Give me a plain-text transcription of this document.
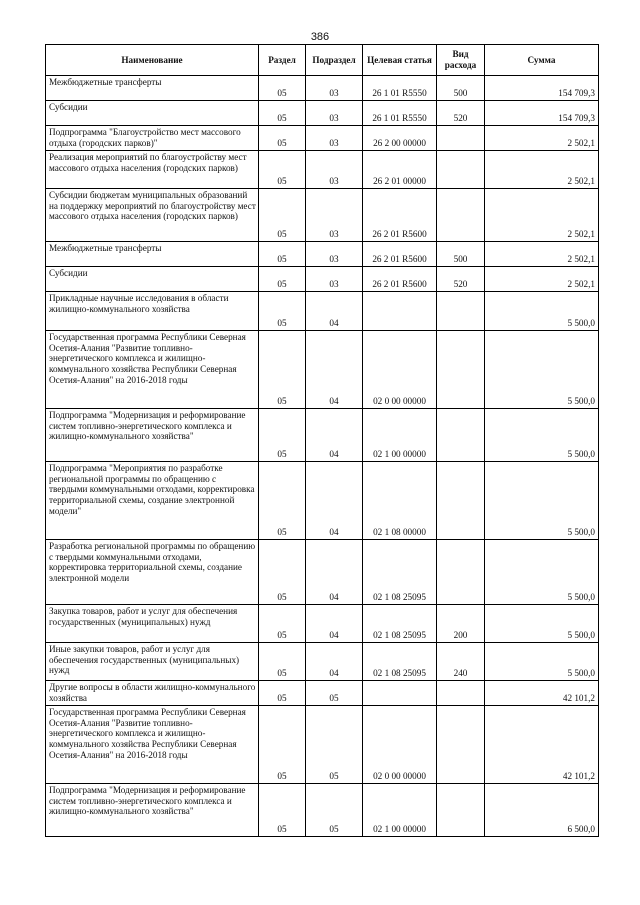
386
Наименование	Раздел	Подраздел	Целевая статья	Вид расхода	Сумма
Межбюджетные трансферты	05	03	26 1 01 R5550	500	154 709,3
Субсидии	05	03	26 1 01 R5550	520	154 709,3
Подпрограмма "Благоустройство мест массового отдыха (городских парков)"	05	03	26 2 00 00000		2 502,1
Реализация мероприятий по благоустройству мест массового отдыха населения (городских парков)	05	03	26 2 01 00000		2 502,1
Субсидии бюджетам муниципальных образований на поддержку мероприятий по благоустройству мест массового отдыха населения (городских парков)	05	03	26 2 01 R5600		2 502,1
Межбюджетные трансферты	05	03	26 2 01 R5600	500	2 502,1
Субсидии	05	03	26 2 01 R5600	520	2 502,1
Прикладные научные исследования в области жилищно-коммунального хозяйства	05	04			5 500,0
Государственная программа Республики Северная Осетия-Алания "Развитие топливно-энергетического комплекса и жилищно-коммунального хозяйства Республики Северная Осетия-Алания" на 2016-2018 годы	05	04	02 0 00 00000		5 500,0
Подпрограмма "Модернизация и реформирование систем топливно-энергетического комплекса и жилищно-коммунального хозяйства"	05	04	02 1 00 00000		5 500,0
Подпрограмма "Мероприятия по разработке региональной программы по обращению с твердыми коммунальными отходами, корректировка территориальной схемы, создание электронной модели"	05	04	02 1 08 00000		5 500,0
Разработка региональной программы по обращению с твердыми коммунальными отходами, корректировка территориальной схемы, создание электронной модели	05	04	02 1 08 25095		5 500,0
Закупка товаров, работ и услуг для обеспечения государственных (муниципальных) нужд	05	04	02 1 08 25095	200	5 500,0
Иные закупки товаров, работ и услуг для обеспечения государственных (муниципальных) нужд	05	04	02 1 08 25095	240	5 500,0
Другие вопросы в области жилищно-коммунального хозяйства	05	05			42 101,2
Государственная программа Республики Северная Осетия-Алания "Развитие топливно-энергетического комплекса и жилищно-коммунального хозяйства Республики Северная Осетия-Алания" на 2016-2018 годы	05	05	02 0 00 00000		42 101,2
Подпрограмма "Модернизация и реформирование систем топливно-энергетического комплекса и жилищно-коммунального хозяйства"	05	05	02 1 00 00000		6 500,0
